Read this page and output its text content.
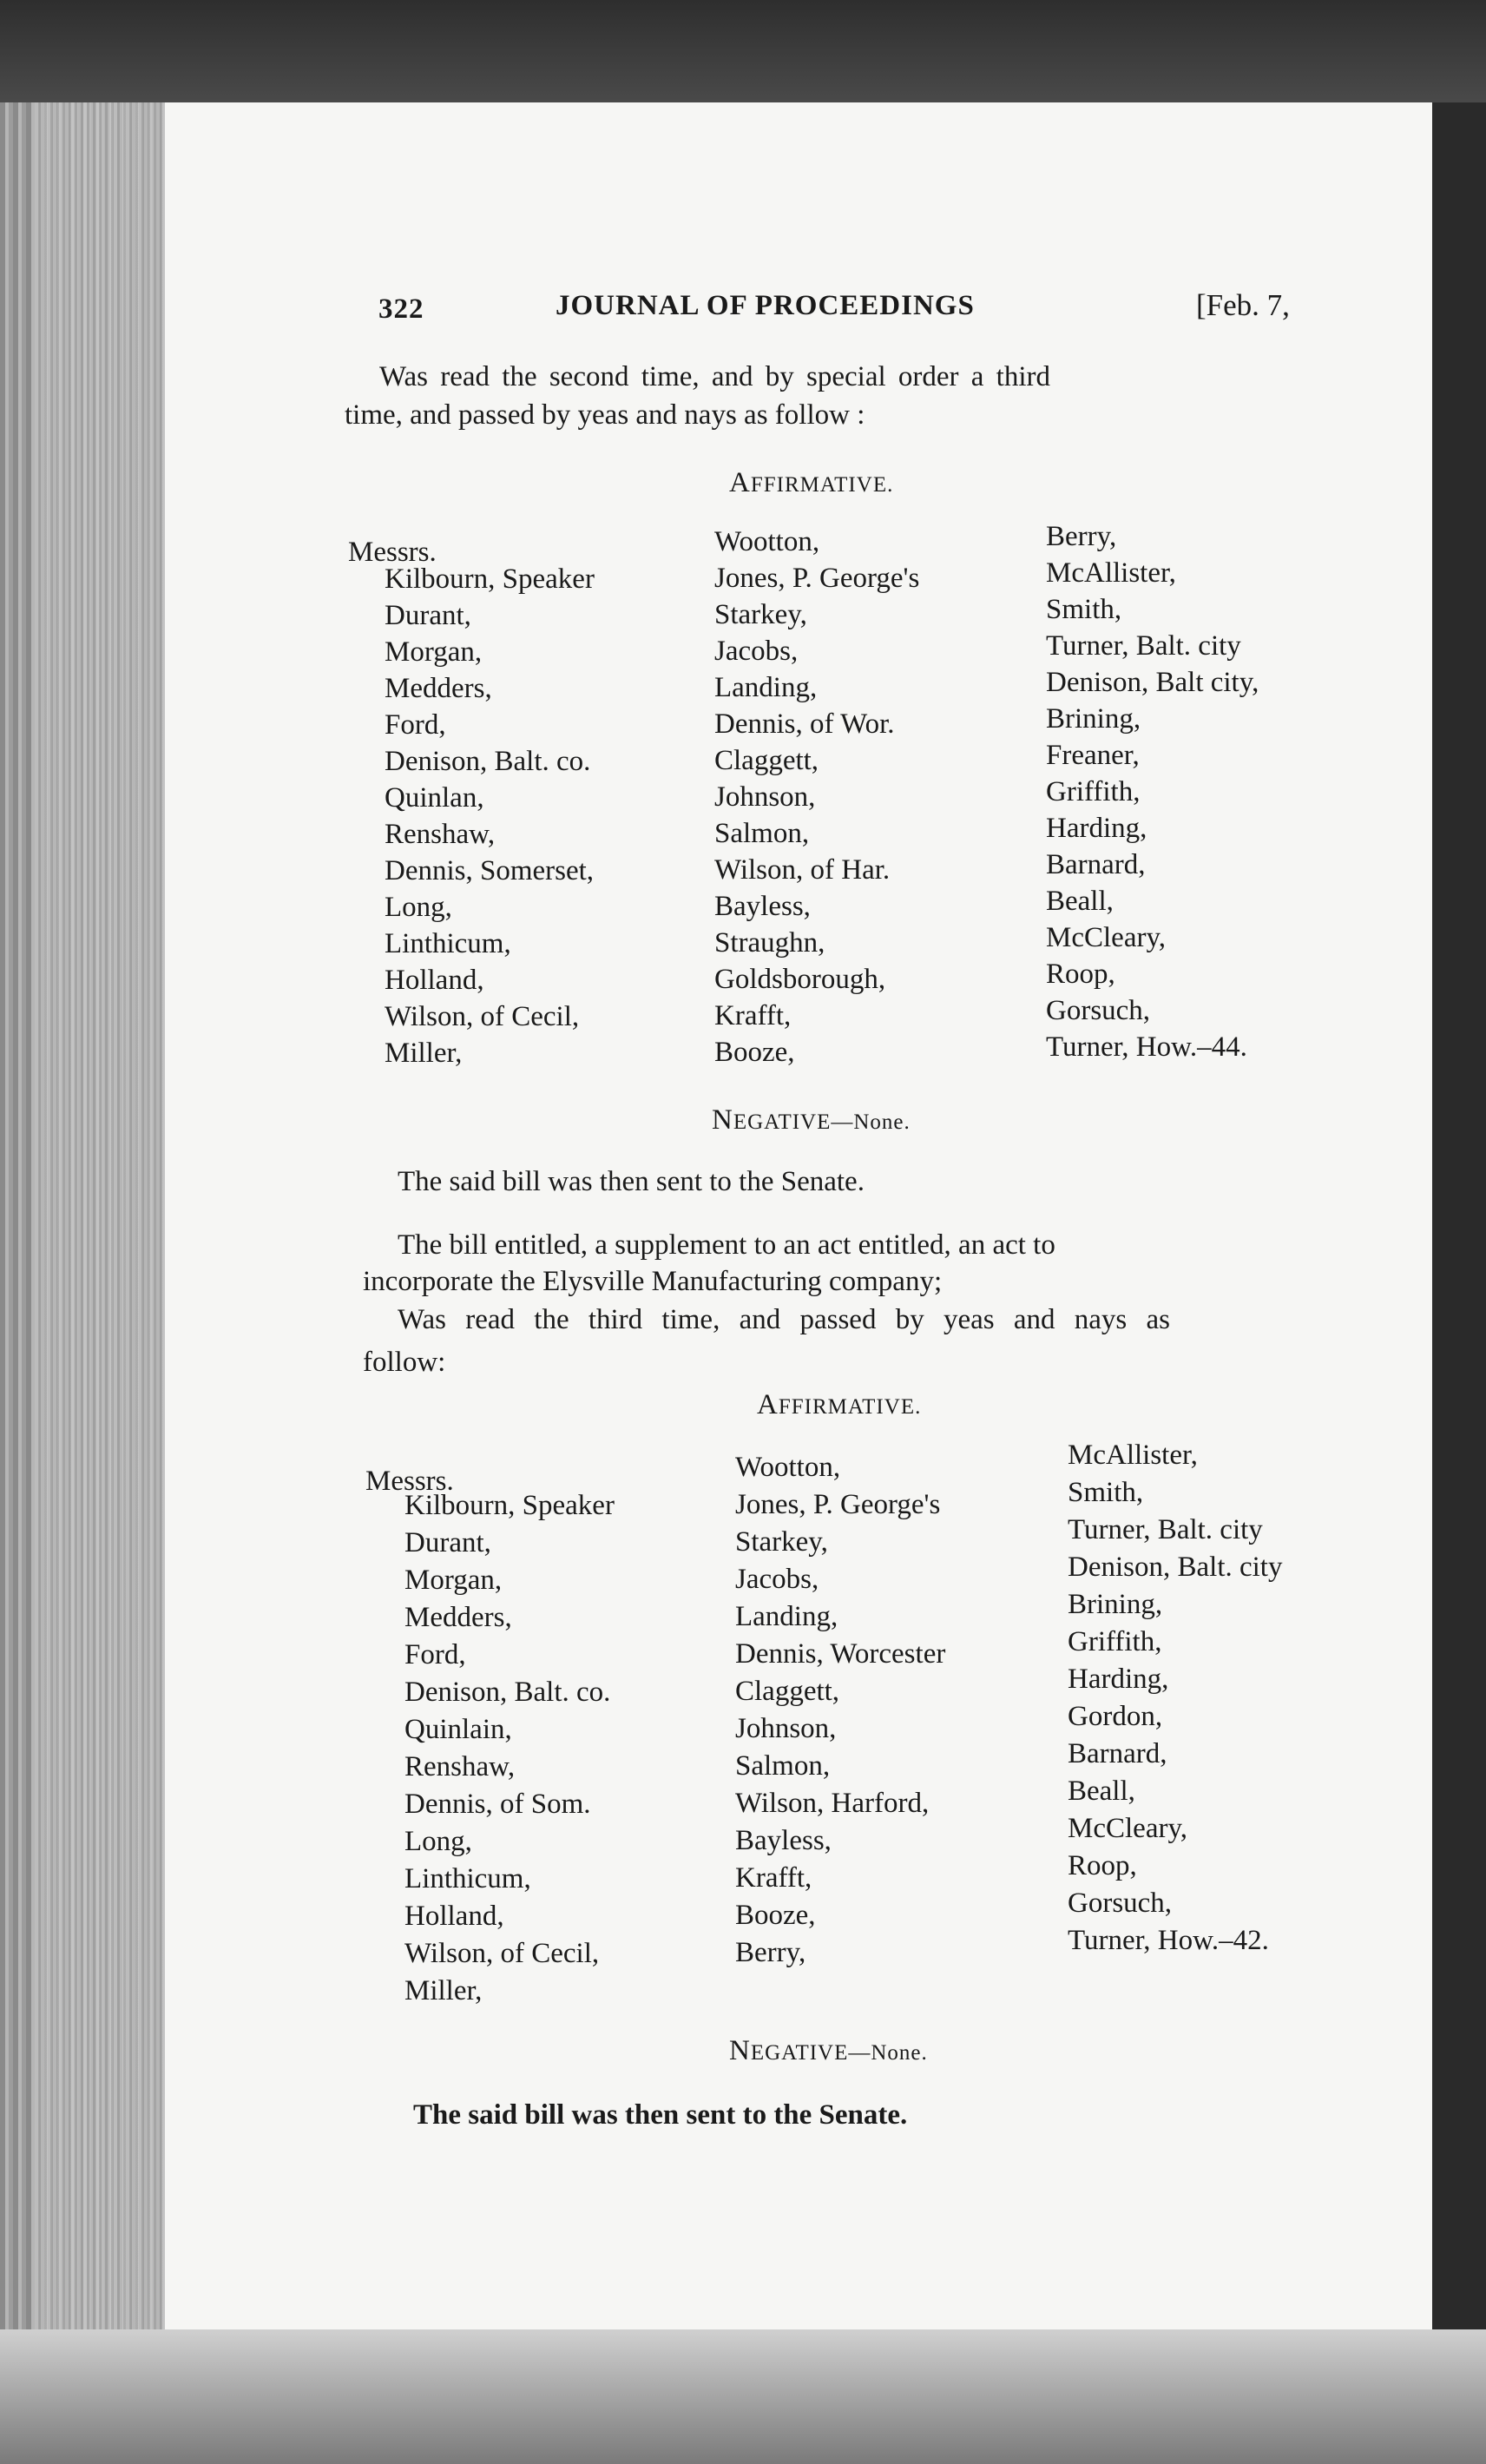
322	JOURNAL OF PROCEEDINGS	[Feb. 7,
Was read the second time, and by special order a third
time, and passed by yeas and nays as follow :
AFFIRMATIVE.
Messrs.
Kilbourn, Speaker
Durant,
Morgan,
Medders,
Ford,
Denison, Balt. co.
Quinlan,
Renshaw,
Dennis, Somerset,
Long,
Linthicum,
Holland,
Wilson, of Cecil,
Miller,
Wootton,
Jones, P. George's
Starkey,
Jacobs,
Landing,
Dennis, of Wor.
Claggett,
Johnson,
Salmon,
Wilson, of Har.
Bayless,
Straughn,
Goldsborough,
Krafft,
Booze,
Berry,
McAllister,
Smith,
Turner, Balt. city
Denison, Balt city,
Brining,
Freaner,
Griffith,
Harding,
Barnard,
Beall,
McCleary,
Roop,
Gorsuch,
Turner, How.–44.
NEGATIVE—None.
The said bill was then sent to the Senate.
The bill entitled, a supplement to an act entitled, an act to
incorporate the Elysville Manufacturing company;
Was read the third time, and passed by yeas and nays as
follow:
AFFIRMATIVE.
Messrs.
Kilbourn, Speaker
Durant,
Morgan,
Medders,
Ford,
Denison, Balt. co.
Quinlain,
Renshaw,
Dennis, of Som.
Long,
Linthicum,
Holland,
Wilson, of Cecil,
Miller,
Wootton,
Jones, P. George's
Starkey,
Jacobs,
Landing,
Dennis, Worcester
Claggett,
Johnson,
Salmon,
Wilson, Harford,
Bayless,
Krafft,
Booze,
Berry,
McAllister,
Smith,
Turner, Balt. city
Denison, Balt. city
Brining,
Griffith,
Harding,
Gordon,
Barnard,
Beall,
McCleary,
Roop,
Gorsuch,
Turner, How.–42.
NEGATIVE—None.
The said bill was then sent to the Senate.
